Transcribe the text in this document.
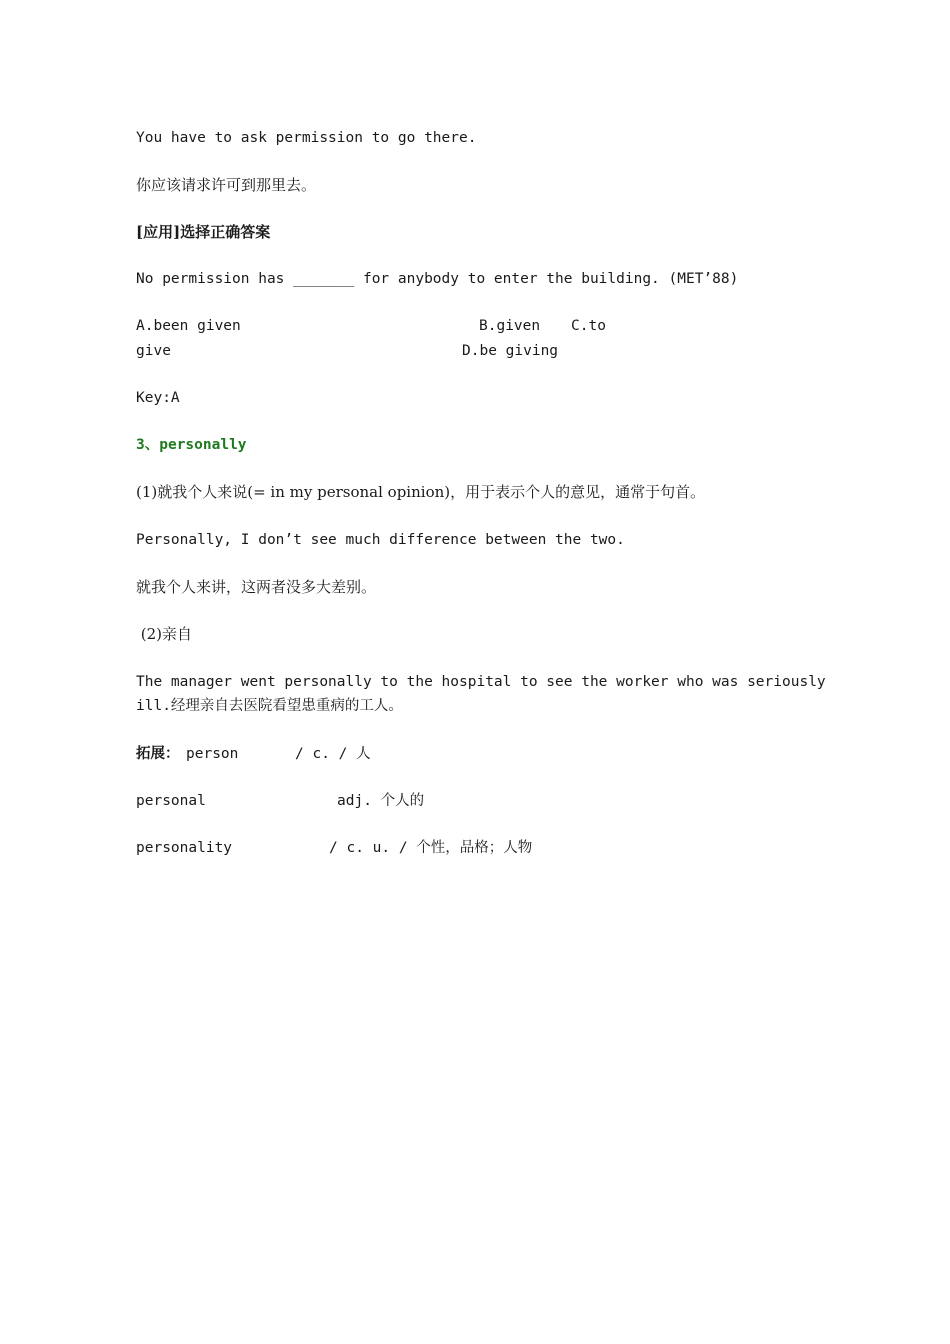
You have to ask permission to go there.
你应该请求许可到那里去。
[应用]选择正确答案
No permission has _______ for anybody to enter the building. (MET’88)
A.been given	B.given C.to
give	D.be giving
Key:A
3、personally
(1)就我个人来说(= in my personal opinion)，用于表示个人的意见，通常于句首。
Personally, I don’t see much difference between the two.
就我个人来讲，这两者没多大差别。
(2)亲自
The manager went personally to the hospital to see the worker who was seriously
ill.经理亲自去医院看望患重病的工人。
拓展： person	/ c. / 人
personal	adj. 个人的
personality	/ c. u. / 个性，品格；人物
